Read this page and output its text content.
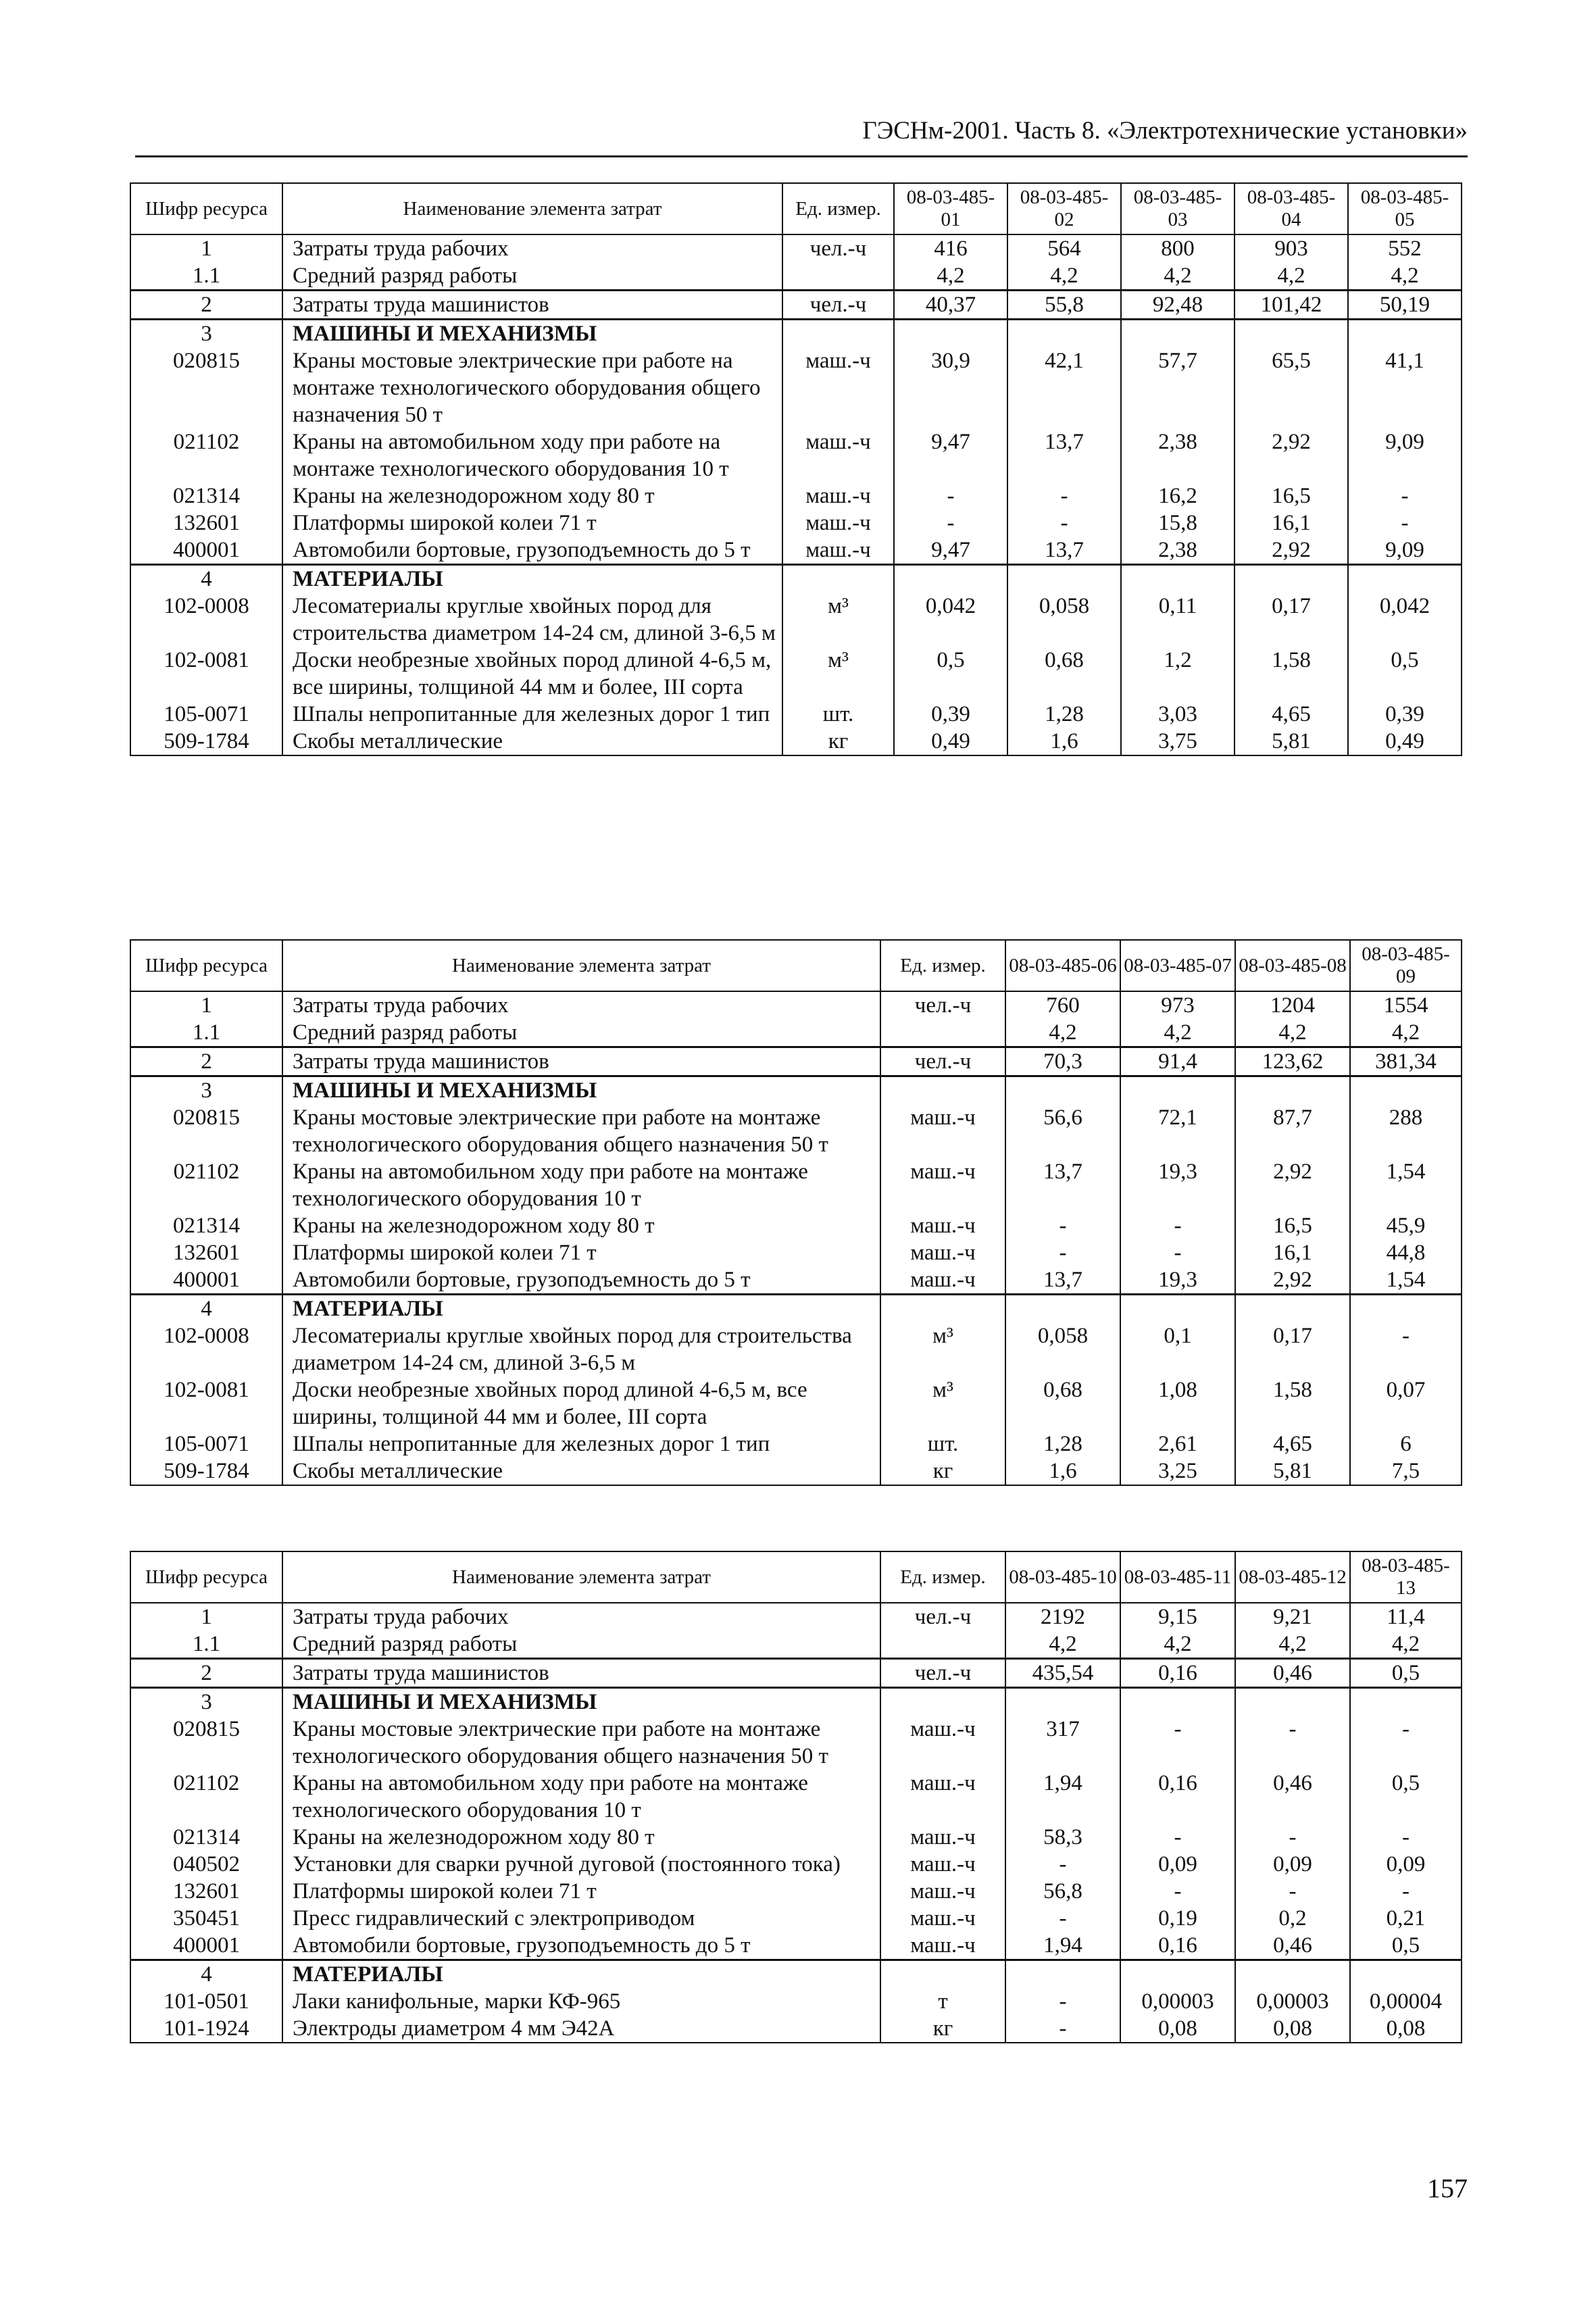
ГЭСНм-2001. Часть 8. «Электротехнические установки»
Шифр ресурса	Наименование элемента затрат	Ед. измер.	08-03-485-01	08-03-485-02	08-03-485-03	08-03-485-04	08-03-485-05
1	Затраты труда рабочих	чел.-ч	416	564	800	903	552
1.1	Средний разряд работы		4,2	4,2	4,2	4,2	4,2
2	Затраты труда машинистов	чел.-ч	40,37	55,8	92,48	101,42	50,19
3	МАШИНЫ И МЕХАНИЗМЫ						
020815	Краны мостовые электрические при работе на монтаже технологического оборудования общего назначения 50 т	маш.-ч	30,9	42,1	57,7	65,5	41,1
021102	Краны на автомобильном ходу при работе на монтаже технологического оборудования 10 т	маш.-ч	9,47	13,7	2,38	2,92	9,09
021314	Краны на железнодорожном ходу 80 т	маш.-ч	-	-	16,2	16,5	-
132601	Платформы широкой колеи 71 т	маш.-ч	-	-	15,8	16,1	-
400001	Автомобили бортовые, грузоподъемность до 5 т	маш.-ч	9,47	13,7	2,38	2,92	9,09
4	МАТЕРИАЛЫ						
102-0008	Лесоматериалы круглые хвойных пород для строительства диаметром 14-24 см, длиной 3-6,5 м	м³	0,042	0,058	0,11	0,17	0,042
102-0081	Доски необрезные хвойных пород длиной 4-6,5 м, все ширины, толщиной 44 мм и более, III сорта	м³	0,5	0,68	1,2	1,58	0,5
105-0071	Шпалы непропитанные для железных дорог 1 тип	шт.	0,39	1,28	3,03	4,65	0,39
509-1784	Скобы металлические	кг	0,49	1,6	3,75	5,81	0,49
Шифр ресурса	Наименование элемента затрат	Ед. измер.	08-03-485-06	08-03-485-07	08-03-485-08	08-03-485-09
1	Затраты труда рабочих	чел.-ч	760	973	1204	1554
1.1	Средний разряд работы		4,2	4,2	4,2	4,2
2	Затраты труда машинистов	чел.-ч	70,3	91,4	123,62	381,34
3	МАШИНЫ И МЕХАНИЗМЫ					
020815	Краны мостовые электрические при работе на монтаже технологического оборудования общего назначения 50 т	маш.-ч	56,6	72,1	87,7	288
021102	Краны на автомобильном ходу при работе на монтаже технологического оборудования 10 т	маш.-ч	13,7	19,3	2,92	1,54
021314	Краны на железнодорожном ходу 80 т	маш.-ч	-	-	16,5	45,9
132601	Платформы широкой колеи 71 т	маш.-ч	-	-	16,1	44,8
400001	Автомобили бортовые, грузоподъемность до 5 т	маш.-ч	13,7	19,3	2,92	1,54
4	МАТЕРИАЛЫ					
102-0008	Лесоматериалы круглые хвойных пород для строительства диаметром 14-24 см, длиной 3-6,5 м	м³	0,058	0,1	0,17	-
102-0081	Доски необрезные хвойных пород длиной 4-6,5 м, все ширины, толщиной 44 мм и более, III сорта	м³	0,68	1,08	1,58	0,07
105-0071	Шпалы непропитанные для железных дорог 1 тип	шт.	1,28	2,61	4,65	6
509-1784	Скобы металлические	кг	1,6	3,25	5,81	7,5
Шифр ресурса	Наименование элемента затрат	Ед. измер.	08-03-485-10	08-03-485-11	08-03-485-12	08-03-485-13
1	Затраты труда рабочих	чел.-ч	2192	9,15	9,21	11,4
1.1	Средний разряд работы		4,2	4,2	4,2	4,2
2	Затраты труда машинистов	чел.-ч	435,54	0,16	0,46	0,5
3	МАШИНЫ И МЕХАНИЗМЫ					
020815	Краны мостовые электрические при работе на монтаже технологического оборудования общего назначения 50 т	маш.-ч	317	-	-	-
021102	Краны на автомобильном ходу при работе на монтаже технологического оборудования 10 т	маш.-ч	1,94	0,16	0,46	0,5
021314	Краны на железнодорожном ходу 80 т	маш.-ч	58,3	-	-	-
040502	Установки для сварки ручной дуговой (постоянного тока)	маш.-ч	-	0,09	0,09	0,09
132601	Платформы широкой колеи 71 т	маш.-ч	56,8	-	-	-
350451	Пресс гидравлический с электроприводом	маш.-ч	-	0,19	0,2	0,21
400001	Автомобили бортовые, грузоподъемность до 5 т	маш.-ч	1,94	0,16	0,46	0,5
4	МАТЕРИАЛЫ					
101-0501	Лаки канифольные, марки КФ-965	т	-	0,00003	0,00003	0,00004
101-1924	Электроды диаметром 4 мм Э42А	кг	-	0,08	0,08	0,08
157
